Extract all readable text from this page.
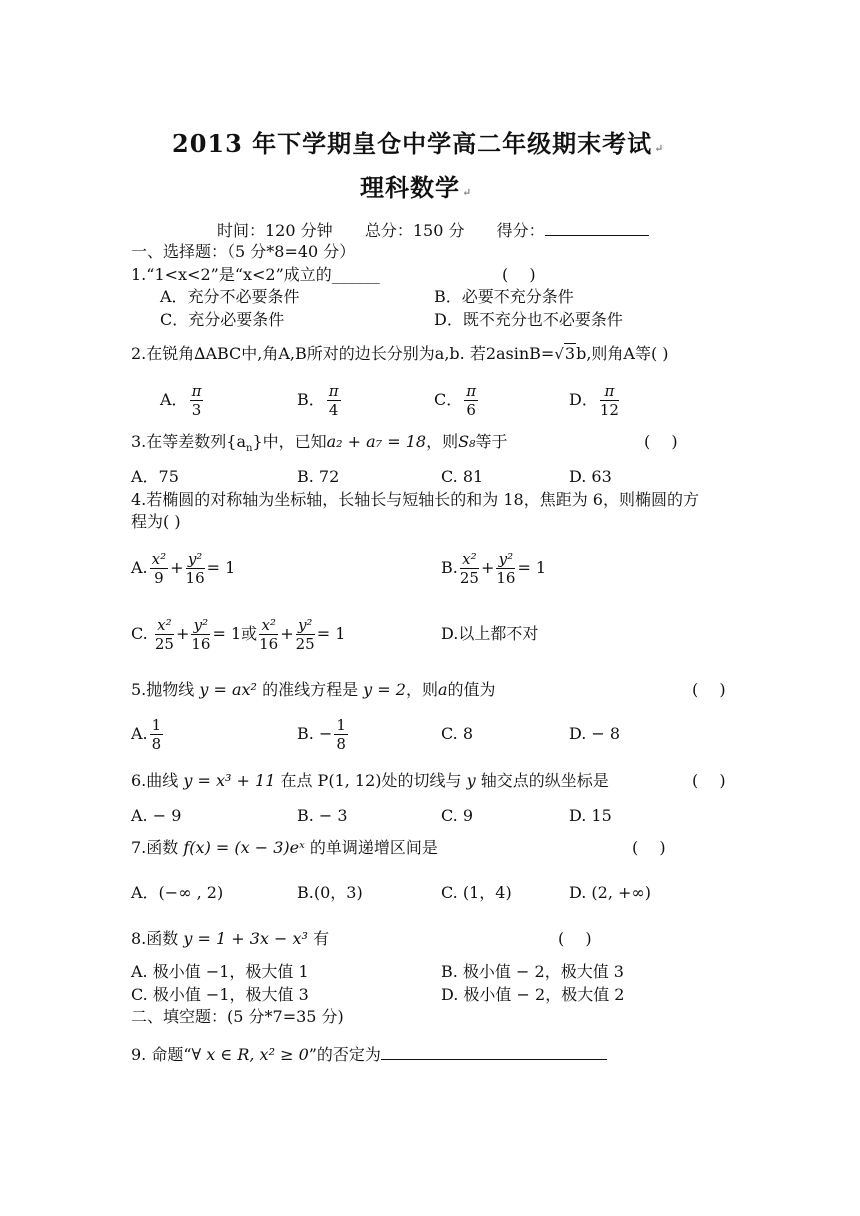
2013 年下学期皇仓中学高二年级期末考试 ↵
理科数学 ↵
时间：120 分钟 总分：150 分 得分：
一、选择题：（5 分*8=40 分）
1.“1<x<2”是“x<2”成立的______	(　 )
A．充分不必要条件	B．必要不充分条件
C．充分必要条件	D．既不充分也不必要条件
2.在锐角∆ABC中,角A,B所对的边长分别为a,b. 若2asinB=√3b,则角A等( )
A． $\frac{\pi}{3}$	B． $\frac{\pi}{4}$	C． $\frac{\pi}{6}$	D． $\frac{\pi}{12}$
3.在等差数列$\{a_n\}$中，已知a₂ + a₇ = 18，则S₈等于	(　 )
A．75	B. 72	C. 81	D. 63
4.若椭圆的对称轴为坐标轴，长轴长与短轴长的和为 18，焦距为 6，则椭圆的方
程为( )
A. $\frac{\text{x²}}{9} + \frac{\text{y²}}{16} = 1$	B. $\frac{\text{x²}}{25} + \frac{\text{y²}}{16} = 1$
C. $\frac{\text{x²}}{25} + \frac{\text{y²}}{16} = 1$或 $\frac{\text{x²}}{16} + \frac{\text{y²}}{25} = 1$	D.以上都不对
5.抛物线 y = ax² 的准线方程是 y = 2，则a的值为	(　 )
A. $\frac{1}{8}$	B. − $\frac{1}{8}$	C. 8	D. − 8
6.曲线 y = x³ + 11 在点 P(1, 12)处的切线与 y 轴交点的纵坐标是	(　 )
A. − 9	B. − 3	C. 9	D. 15
7.函数 f(x) = (x − 3)eˣ 的单调递增区间是	(　 )
A．(−∞ , 2)	B.(0，3)	C. (1，4)	D. (2, +∞)
8.函数 y = 1 + 3x − x³ 有	(　 )
A. 极小值 −1，极大值 1	B. 极小值 − 2，极大值 3
C. 极小值 −1，极大值 3	D. 极小值 − 2，极大值 2
二、填空题：(5 分*7=35 分)
9. 命题“∀ x ∈ R, x² ≥ 0”的否定为
